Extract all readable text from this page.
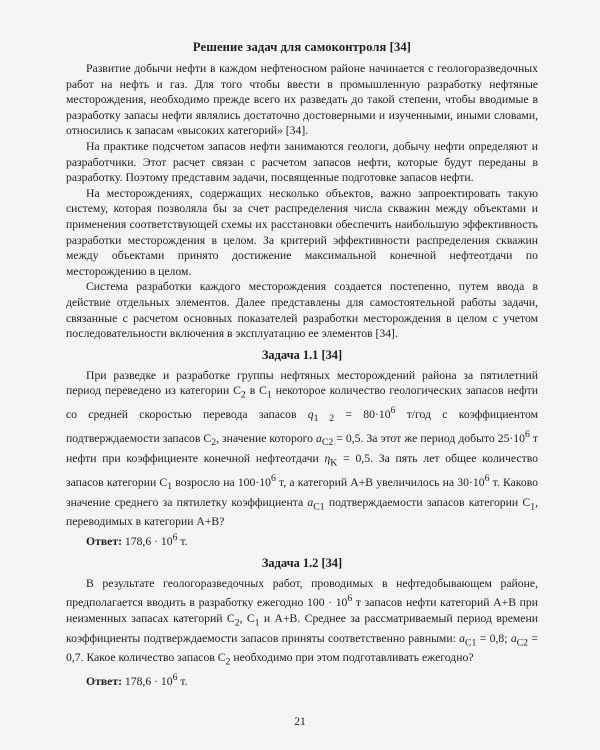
Решение задач для самоконтроля [34]

Развитие добычи нефти в каждом нефтеносном районе начинается с геологоразведочных работ на нефть и газ. Для того чтобы ввести в промышленную разработку нефтяные месторождения, необходимо прежде всего их разведать до такой степени, чтобы вводимые в разработку запасы нефти являлись достаточно достоверными и изученными, иными словами, относились к запасам «высоких категорий» [34].

На практике подсчетом запасов нефти занимаются геологи, добычу нефти определяют и разработчики. Этот расчет связан с расчетом запасов нефти, которые будут переданы в разработку. Поэтому представим задачи, посвященные подготовке запасов нефти.

На месторождениях, содержащих несколько объектов, важно запроектировать такую систему, которая позволяла бы за счет распределения числа скважин между объектами и применения соответствующей схемы их расстановки обеспечить наибольшую эффективность разработки месторождения в целом. За критерий эффективности распределения скважин между объектами принято достижение максимальной конечной нефтеотдачи по месторождению в целом.

Система разработки каждого месторождения создается постепенно, путем ввода в действие отдельных элементов. Далее представлены для самостоятельной работы задачи, связанные с расчетом основных показателей разработки месторождения в целом с учетом последовательности включения в эксплуатацию ее элементов [34].

Задача 1.1 [34]

При разведке и разработке группы нефтяных месторождений района за пятилетний период переведено из категории $C_2$ в $C_1$ некоторое количество геологических запасов нефти со средней скоростью перевода запасов $q_{1 2} = 80\cdot 10^6$ т/год с коэффициентом подтверждаемости запасов $C_2$, значение которого $a_{C2} = 0,5$. За этот же период добыто $25\cdot 10^6$ т нефти при коэффициенте конечной нефтеотдачи $\eta_K = 0,5$. За пять лет общее количество запасов категории $C_1$ возросло на $100\cdot 10^6$ т, а категорий А+В увеличилось на $30\cdot 10^6$ т. Каково значение среднего за пятилетку коэффициента $a_{C1}$ подтверждаемости запасов категории $C_1$, переводимых в категории А+В?

Ответ: $178,6 \cdot 10^6$ т.

Задача 1.2 [34]

В результате геологоразведочных работ, проводимых в нефтедобывающем районе, предполагается вводить в разработку ежегодно $100 \cdot 10^6$ т запасов нефти категорий А+В при неизменных запасах категорий $C_2$, $C_1$ и А+В. Среднее за рассматриваемый период времени коэффициенты подтверждаемости запасов приняты соответственно равными: $a_{C1} = 0,8$; $a_{C2} = 0,7$. Какое количество запасов $C_2$ необходимо при этом подготавливать ежегодно?

Ответ: $178,6 \cdot 10^6$ т.

21
